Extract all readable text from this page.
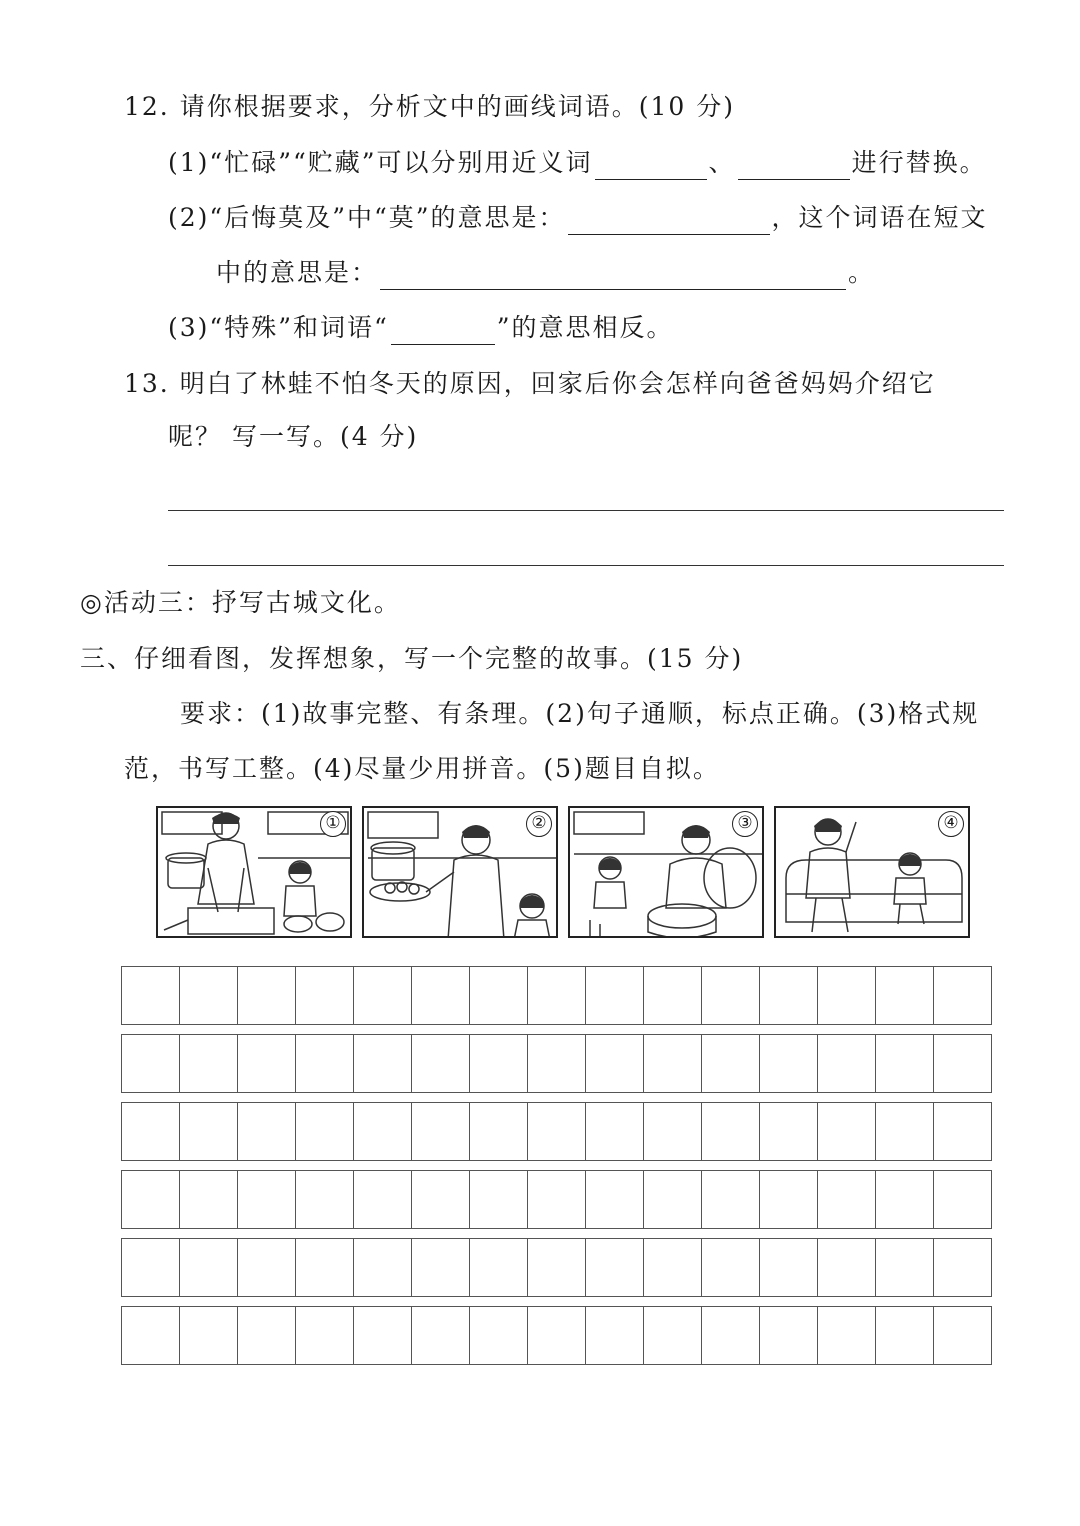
12. 请你根据要求，分析文中的画线词语。(10 分)
(1)“忙碌”“贮藏”可以分别用近义词	、	进行替换。
(2)“后悔莫及”中“莫”的意思是：	，这个词语在短文
中的意思是：	。
(3)“特殊”和词语“	”的意思相反。
13. 明白了林蛙不怕冬天的原因，回家后你会怎样向爸爸妈妈介绍它
呢？ 写一写。(4 分)
◎活动三：抒写古城文化。
三、仔细看图，发挥想象，写一个完整的故事。(15 分)
要求：(1)故事完整、有条理。(2)句子通顺，标点正确。(3)格式规
范，书写工整。(4)尽量少用拼音。(5)题目自拟。
①	②	③	④
